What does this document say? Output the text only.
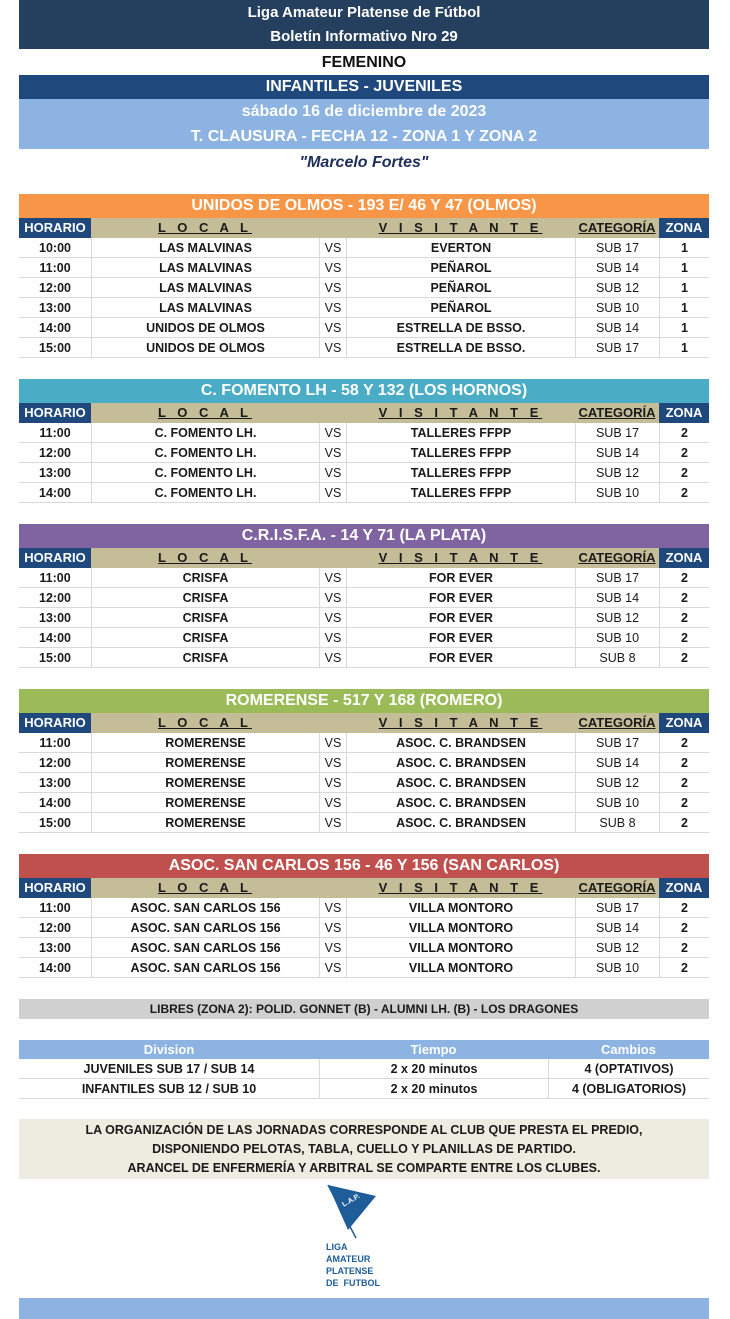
Liga Amateur Platense de Fútbol
Boletín Informativo Nro 29
FEMENINO
INFANTILES - JUVENILES
sábado 16 de diciembre de 2023
T. CLAUSURA - FECHA 12 - ZONA 1 Y ZONA 2
"Marcelo Fortes"
UNIDOS DE OLMOS - 193 E/ 46 Y 47 (OLMOS)
HORARIO	L O C A L	V I S I T A N T E	CATEGORÍA ZONA
10:00	LAS MALVINAS	VS	EVERTON	SUB 17	1
11:00	LAS MALVINAS	VS	PEÑAROL	SUB 14	1
12:00	LAS MALVINAS	VS	PEÑAROL	SUB 12	1
13:00	LAS MALVINAS	VS	PEÑAROL	SUB 10	1
14:00	UNIDOS DE OLMOS	VS	ESTRELLA DE BSSO.	SUB 14	1
15:00	UNIDOS DE OLMOS	VS	ESTRELLA DE BSSO.	SUB 17	1
C. FOMENTO LH - 58 Y 132 (LOS HORNOS)
HORARIO	L O C A L	V I S I T A N T E	CATEGORÍA ZONA
11:00	C. FOMENTO LH.	VS	TALLERES FFPP	SUB 17	2
12:00	C. FOMENTO LH.	VS	TALLERES FFPP	SUB 14	2
13:00	C. FOMENTO LH.	VS	TALLERES FFPP	SUB 12	2
14:00	C. FOMENTO LH.	VS	TALLERES FFPP	SUB 10	2
C.R.I.S.F.A. - 14 Y 71 (LA PLATA)
HORARIO	L O C A L	V I S I T A N T E	CATEGORÍA ZONA
11:00	CRISFA	VS	FOR EVER	SUB 17	2
12:00	CRISFA	VS	FOR EVER	SUB 14	2
13:00	CRISFA	VS	FOR EVER	SUB 12	2
14:00	CRISFA	VS	FOR EVER	SUB 10	2
15:00	CRISFA	VS	FOR EVER	SUB 8	2
ROMERENSE - 517 Y 168 (ROMERO)
HORARIO	L O C A L	V I S I T A N T E	CATEGORÍA ZONA
11:00	ROMERENSE	VS	ASOC. C. BRANDSEN	SUB 17	2
12:00	ROMERENSE	VS	ASOC. C. BRANDSEN	SUB 14	2
13:00	ROMERENSE	VS	ASOC. C. BRANDSEN	SUB 12	2
14:00	ROMERENSE	VS	ASOC. C. BRANDSEN	SUB 10	2
15:00	ROMERENSE	VS	ASOC. C. BRANDSEN	SUB 8	2
ASOC. SAN CARLOS 156 - 46 Y 156 (SAN CARLOS)
HORARIO	L O C A L	V I S I T A N T E	CATEGORÍA ZONA
11:00	ASOC. SAN CARLOS 156	VS	VILLA MONTORO	SUB 17	2
12:00	ASOC. SAN CARLOS 156	VS	VILLA MONTORO	SUB 14	2
13:00	ASOC. SAN CARLOS 156	VS	VILLA MONTORO	SUB 12	2
14:00	ASOC. SAN CARLOS 156	VS	VILLA MONTORO	SUB 10	2
LIBRES (ZONA 2): POLID. GONNET (B) - ALUMNI LH. (B) - LOS DRAGONES
Division	Tiempo	Cambios
JUVENILES SUB 17 / SUB 14	2 x 20 minutos	4 (OPTATIVOS)
INFANTILES SUB 12 / SUB 10	2 x 20 minutos	4 (OBLIGATORIOS)
LA ORGANIZACIÓN DE LAS JORNADAS CORRESPONDE AL CLUB QUE PRESTA EL PREDIO,
DISPONIENDO PELOTAS, TABLA, CUELLO Y PLANILLAS DE PARTIDO.
ARANCEL DE ENFERMERÍA Y ARBITRAL SE COMPARTE ENTRE LOS CLUBES.
L.A.P.
LIGA
AMATEUR
PLATENSE
DE  FUTBOL
